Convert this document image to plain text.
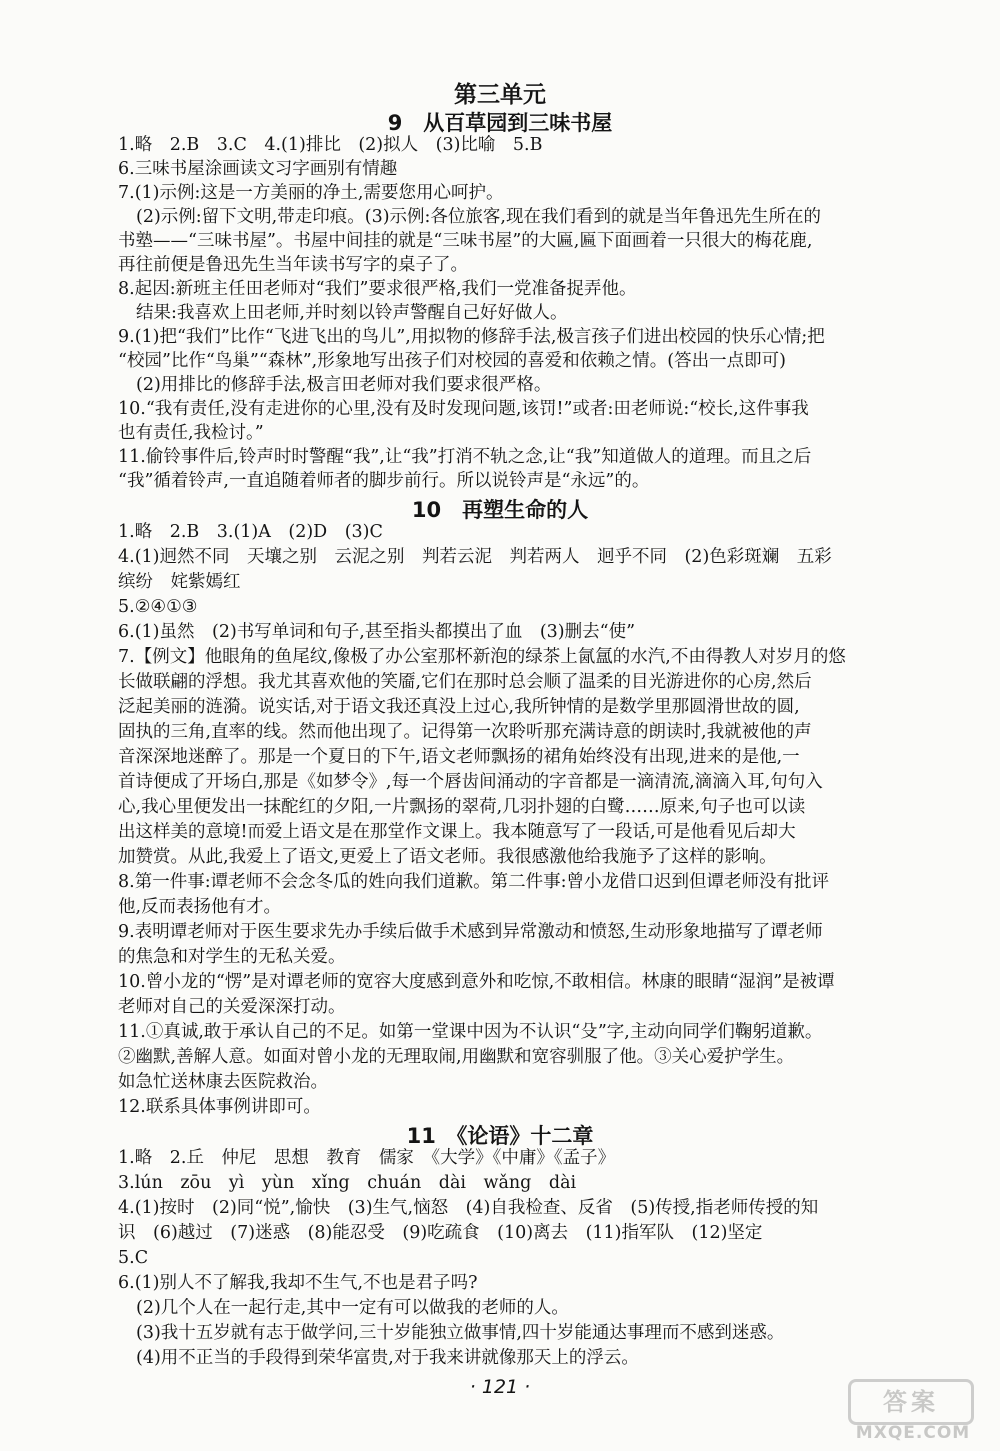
第三单元
9　从百草园到三味书屋
1.略　2.B　3.C　4.(1)排比　(2)拟人　(3)比喻　5.B
6.三味书屋涂画读文习字画别有情趣
7.(1)示例:这是一方美丽的净土,需要您用心呵护。
(2)示例:留下文明,带走印痕。(3)示例:各位旅客,现在我们看到的就是当年鲁迅先生所在的
书塾——“三味书屋”。书屋中间挂的就是“三味书屋”的大匾,匾下面画着一只很大的梅花鹿,
再往前便是鲁迅先生当年读书写字的桌子了。
8.起因:新班主任田老师对“我们”要求很严格,我们一党准备捉弄他。
结果:我喜欢上田老师,并时刻以铃声警醒自己好好做人。
9.(1)把“我们”比作“飞进飞出的鸟儿”,用拟物的修辞手法,极言孩子们进出校园的快乐心情;把
“校园”比作“鸟巢”“森林”,形象地写出孩子们对校园的喜爱和依赖之情。(答出一点即可)
(2)用排比的修辞手法,极言田老师对我们要求很严格。
10.“我有责任,没有走进你的心里,没有及时发现问题,该罚!”或者:田老师说:“校长,这件事我
也有责任,我检讨。”
11.偷铃事件后,铃声时时警醒“我”,让“我”打消不轨之念,让“我”知道做人的道理。而且之后
“我”循着铃声,一直追随着师者的脚步前行。所以说铃声是“永远”的。
10　再塑生命的人
1.略　2.B　3.(1)A　(2)D　(3)C
4.(1)迥然不同　天壤之别　云泥之别　判若云泥　判若两人　迥乎不同　(2)色彩斑斓　五彩
缤纷　姹紫嫣红
5.②④①③
6.(1)虽然　(2)书写单词和句子,甚至指头都摸出了血　(3)删去“使”
7.【例文】他眼角的鱼尾纹,像极了办公室那杯新泡的绿茶上氤氲的水汽,不由得教人对岁月的悠
长做联翩的浮想。我尤其喜欢他的笑靥,它们在那时总会顺了温柔的目光游进你的心房,然后
泛起美丽的涟漪。说实话,对于语文我还真没上过心,我所钟情的是数学里那圆滑世故的圆,
固执的三角,直率的线。然而他出现了。记得第一次聆听那充满诗意的朗读时,我就被他的声
音深深地迷醉了。那是一个夏日的下午,语文老师飘扬的裙角始终没有出现,进来的是他,一
首诗便成了开场白,那是《如梦令》,每一个唇齿间涌动的字音都是一滴清流,滴滴入耳,句句入
心,我心里便发出一抹酡红的夕阳,一片飘扬的翠荷,几羽扑翅的白鹭……原来,句子也可以读
出这样美的意境!而爱上语文是在那堂作文课上。我本随意写了一段话,可是他看见后却大
加赞赏。从此,我爱上了语文,更爱上了语文老师。我很感激他给我施予了这样的影响。
8.第一件事:谭老师不会念冬瓜的姓向我们道歉。第二件事:曾小龙借口迟到但谭老师没有批评
他,反而表扬他有才。
9.表明谭老师对于医生要求先办手续后做手术感到异常激动和愤怒,生动形象地描写了谭老师
的焦急和对学生的无私关爱。
10.曾小龙的“愣”是对谭老师的宽容大度感到意外和吃惊,不敢相信。林康的眼睛“湿润”是被谭
老师对自己的关爱深深打动。
11.①真诚,敢于承认自己的不足。如第一堂课中因为不认识“殳”字,主动向同学们鞠躬道歉。
②幽默,善解人意。如面对曾小龙的无理取闹,用幽默和宽容驯服了他。③关心爱护学生。
如急忙送林康去医院救治。
12.联系具体事例讲即可。
11　《论语》十二章
1.略　2.丘　仲尼　思想　教育　儒家　《大学》《中庸》《孟子》
3.lún　zōu　yì　yùn　xǐng　chuán　dài　wǎng　dài
4.(1)按时　(2)同“悦”,愉快　(3)生气,恼怒　(4)自我检查、反省　(5)传授,指老师传授的知
识　(6)越过　(7)迷惑　(8)能忍受　(9)吃疏食　(10)离去　(11)指军队　(12)坚定
5.C
6.(1)别人不了解我,我却不生气,不也是君子吗?
(2)几个人在一起行走,其中一定有可以做我的老师的人。
(3)我十五岁就有志于做学问,三十岁能独立做事情,四十岁能通达事理而不感到迷惑。
(4)用不正当的手段得到荣华富贵,对于我来讲就像那天上的浮云。
· 121 ·
答案
MXQE.COM
